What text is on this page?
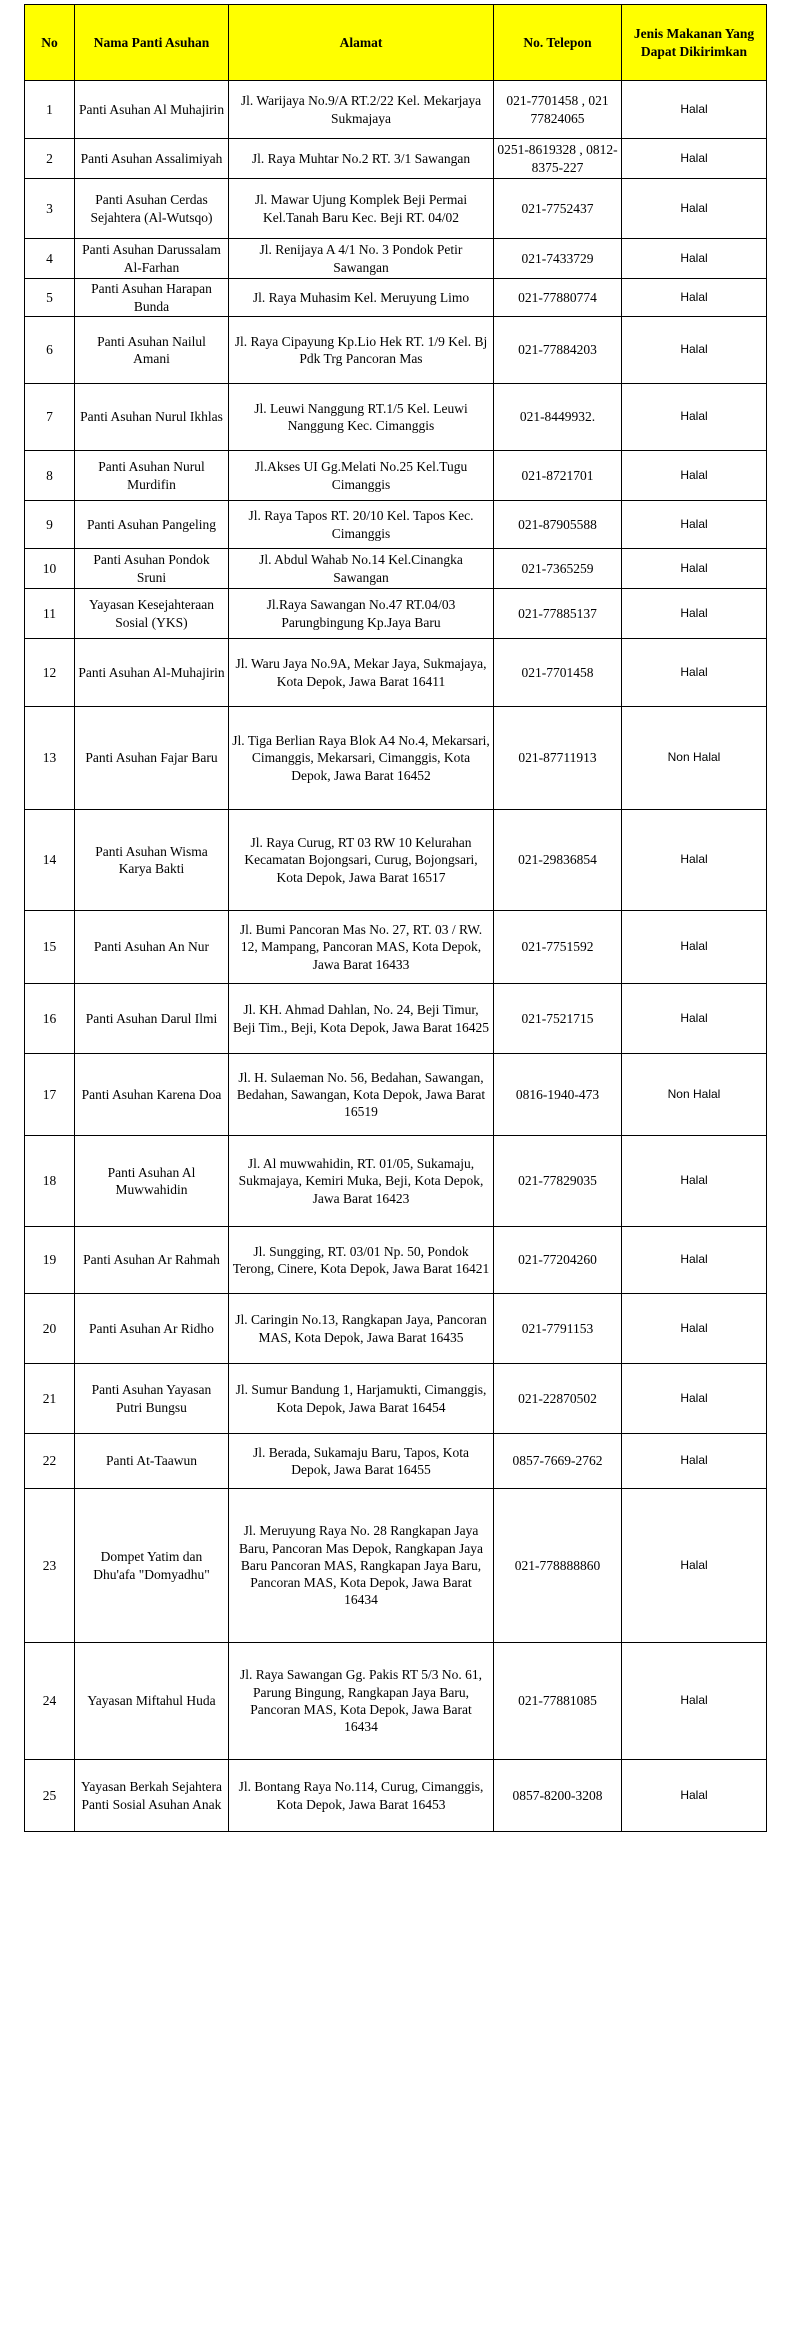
No	Nama Panti Asuhan	Alamat	No. Telepon	Jenis Makanan Yang Dapat Dikirimkan
1	Panti Asuhan Al Muhajirin	Jl. Warijaya No.9/A RT.2/22 Kel. Mekarjaya Sukmajaya	021-7701458 , 021 77824065	Halal
2	Panti Asuhan Assalimiyah	Jl. Raya Muhtar No.2 RT. 3/1 Sawangan	0251-8619328 , 0812-8375-227	Halal
3	Panti Asuhan Cerdas Sejahtera (Al-Wutsqo)	Jl. Mawar Ujung Komplek Beji Permai Kel.Tanah Baru Kec. Beji RT. 04/02	021-7752437	Halal
4	Panti Asuhan Darussalam Al-Farhan	Jl. Renijaya A 4/1 No. 3 Pondok Petir Sawangan	021-7433729	Halal
5	Panti Asuhan Harapan Bunda	Jl. Raya Muhasim Kel. Meruyung Limo	021-77880774	Halal
6	Panti Asuhan Nailul Amani	Jl. Raya Cipayung Kp.Lio Hek RT. 1/9 Kel. Bj Pdk Trg Pancoran Mas	021-77884203	Halal
7	Panti Asuhan Nurul Ikhlas	Jl. Leuwi Nanggung RT.1/5 Kel. Leuwi Nanggung Kec. Cimanggis	021-8449932.	Halal
8	Panti Asuhan Nurul Murdifin	Jl.Akses UI Gg.Melati No.25 Kel.Tugu Cimanggis	021-8721701	Halal
9	Panti Asuhan Pangeling	Jl. Raya Tapos RT. 20/10 Kel. Tapos Kec. Cimanggis	021-87905588	Halal
10	Panti Asuhan Pondok Sruni	Jl. Abdul Wahab No.14 Kel.Cinangka Sawangan	021-7365259	Halal
11	Yayasan Kesejahteraan Sosial (YKS)	Jl.Raya Sawangan No.47 RT.04/03 Parungbingung Kp.Jaya Baru	021-77885137	Halal
12	Panti Asuhan Al-Muhajirin	Jl. Waru Jaya No.9A, Mekar Jaya, Sukmajaya, Kota Depok, Jawa Barat 16411	021-7701458	Halal
13	Panti Asuhan Fajar Baru	Jl. Tiga Berlian Raya Blok A4 No.4, Mekarsari, Cimanggis, Mekarsari, Cimanggis, Kota Depok, Jawa Barat 16452	021-87711913	Non Halal
14	Panti Asuhan Wisma Karya Bakti	Jl. Raya Curug, RT 03 RW 10 Kelurahan Kecamatan Bojongsari, Curug, Bojongsari, Kota Depok, Jawa Barat 16517	021-29836854	Halal
15	Panti Asuhan An Nur	Jl. Bumi Pancoran Mas No. 27, RT. 03 / RW. 12, Mampang, Pancoran MAS, Kota Depok, Jawa Barat 16433	021-7751592	Halal
16	Panti Asuhan Darul Ilmi	Jl. KH. Ahmad Dahlan, No. 24, Beji Timur, Beji Tim., Beji, Kota Depok, Jawa Barat 16425	021-7521715	Halal
17	Panti Asuhan Karena Doa	Jl. H. Sulaeman No. 56, Bedahan, Sawangan, Bedahan, Sawangan, Kota Depok, Jawa Barat 16519	0816-1940-473	Non Halal
18	Panti Asuhan Al Muwwahidin	Jl. Al muwwahidin, RT. 01/05, Sukamaju, Sukmajaya, Kemiri Muka, Beji, Kota Depok, Jawa Barat 16423	021-77829035	Halal
19	Panti Asuhan Ar Rahmah	Jl. Sungging, RT. 03/01 Np. 50, Pondok Terong, Cinere, Kota Depok, Jawa Barat 16421	021-77204260	Halal
20	Panti Asuhan Ar Ridho	Jl. Caringin No.13, Rangkapan Jaya, Pancoran MAS, Kota Depok, Jawa Barat 16435	021-7791153	Halal
21	Panti Asuhan Yayasan Putri Bungsu	Jl. Sumur Bandung 1, Harjamukti, Cimanggis, Kota Depok, Jawa Barat 16454	021-22870502	Halal
22	Panti At-Taawun	Jl. Berada, Sukamaju Baru, Tapos, Kota Depok, Jawa Barat 16455	0857-7669-2762	Halal
23	Dompet Yatim dan Dhu'afa "Domyadhu"	Jl. Meruyung Raya No. 28 Rangkapan Jaya Baru, Pancoran Mas Depok, Rangkapan Jaya Baru Pancoran MAS, Rangkapan Jaya Baru, Pancoran MAS, Kota Depok, Jawa Barat 16434	021-778888860	Halal
24	Yayasan Miftahul Huda	Jl. Raya Sawangan Gg. Pakis RT 5/3 No. 61, Parung Bingung, Rangkapan Jaya Baru, Pancoran MAS, Kota Depok, Jawa Barat 16434	021-77881085	Halal
25	Yayasan Berkah Sejahtera Panti Sosial Asuhan Anak	Jl. Bontang Raya No.114, Curug, Cimanggis, Kota Depok, Jawa Barat 16453	0857-8200-3208	Halal
